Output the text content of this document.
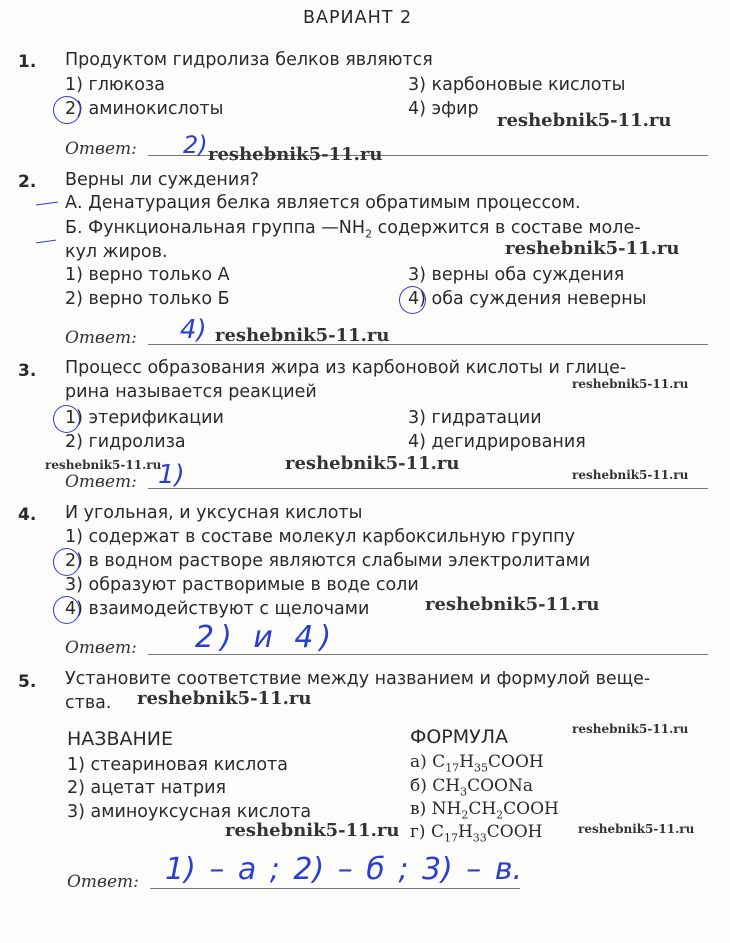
ВАРИАНТ 2
1. Продуктом гидролиза белков являются
1) глюкоза
2) аминокислоты
3) карбоновые кислоты
4) эфир
reshebnik5-11.ru
Ответ: 2) reshebnik5-11.ru
2. Верны ли суждения?
А. Денатурация белка является обратимым процессом.
Б. Функциональная группа $—NH_2$ содержится в составе моле-
кул жиров.	reshebnik5-11.ru
1) верно только А
2) верно только Б
3) верны оба суждения
4) оба суждения неверны
Ответ: 4) reshebnik5-11.ru
3. Процесс образования жира из карбоновой кислоты и глице-
рина называется реакцией	reshebnik5-11.ru
1) этерификации
2) гидролиза
3) гидратации
4) дегидрирования
reshebnik5-11.ru	reshebnik5-11.ru
reshebnik5-11.ru
Ответ: 1)
4. И угольная, и уксусная кислоты
1) содержат в составе молекул карбоксильную группу
2) в водном растворе являются слабыми электролитами
3) образуют растворимые в воде соли
4) взаимодействуют с щелочами	reshebnik5-11.ru
Ответ: 2) и 4)
5. Установите соответствие между названием и формулой веще-
ства. reshebnik5-11.ru
НАЗВАНИЕ	ФОРМУЛА	reshebnik5-11.ru
1) стеариновая кислота
2) ацетат натрия
3) аминоуксусная кислота
а) $C_{17}H_{35}COOH$
б) $CH_3COONa$
в) $NH_2CH_2COOH$
г) $C_{17}H_{33}COOH$
reshebnik5-11.ru	reshebnik5-11.ru
Ответ: 1) – а ; 2) – б ; 3) – в.
